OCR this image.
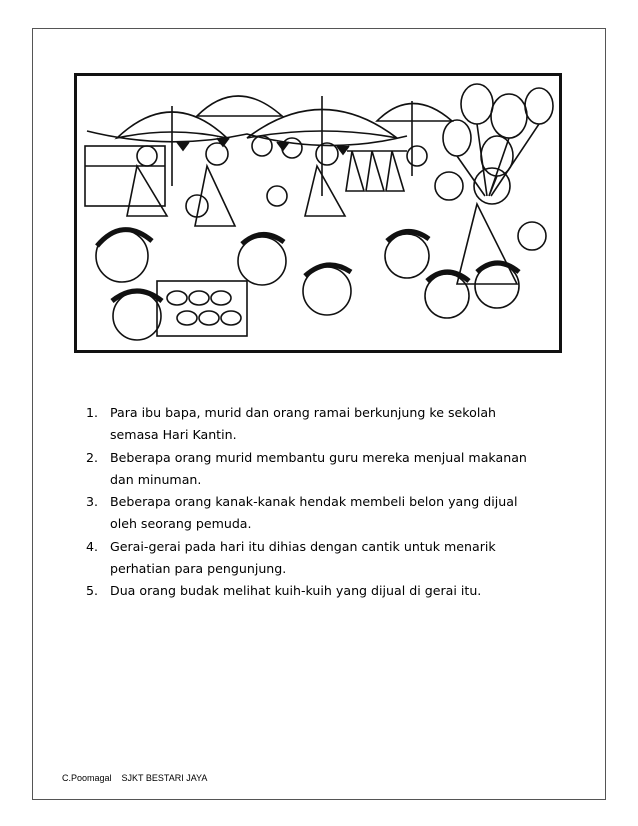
1. Para ibu bapa, murid dan orang ramai berkunjung ke sekolah
semasa Hari Kantin.
2. Beberapa orang murid membantu guru mereka menjual makanan
dan minuman.
3. Beberapa orang kanak-kanak hendak membeli belon yang dijual
oleh seorang pemuda.
4. Gerai-gerai pada hari itu dihias dengan cantik untuk menarik
perhatian para pengunjung.
5. Dua orang budak melihat kuih-kuih yang dijual di gerai itu.
C.Poomagal SJKT BESTARI JAYA
